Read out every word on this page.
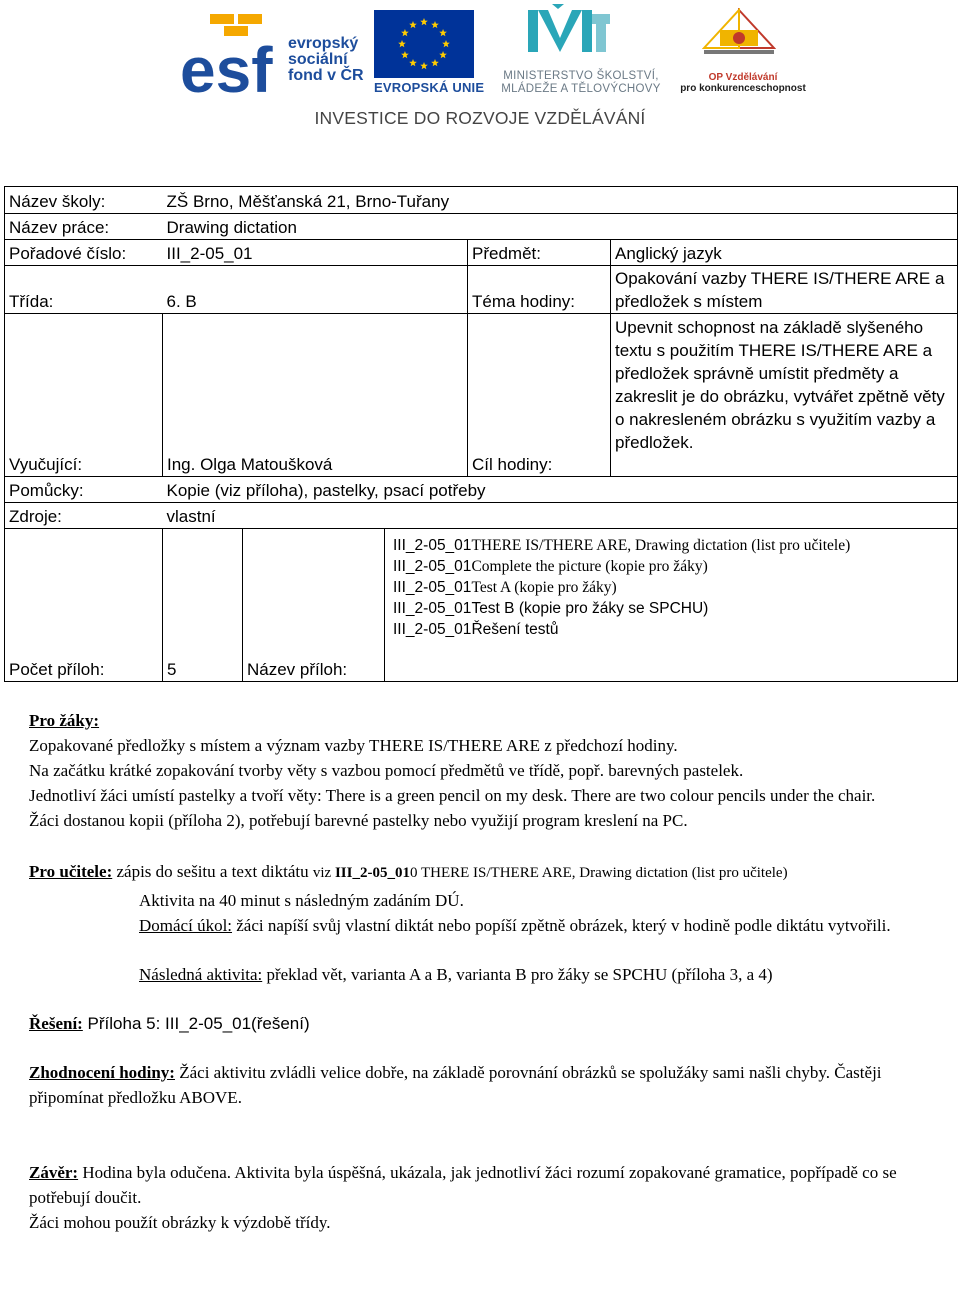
esf evropský
sociální
fond v ČR
EVROPSKÁ UNIE
MINISTERSTVO ŠKOLSTVÍ,
MLÁDEŽE A TĚLOVÝCHOVY
OP Vzdělávání
pro konkurenceschopnost
INVESTICE DO ROZVOJE VZDĚLÁVÁNÍ
Název školy:	ZŠ Brno, Měšťanská 21, Brno-Tuřany				
Název práce:	Drawing dictation				
Pořadové číslo:	III_2-05_01			Předmět:	Anglický jazyk
Třída:	6. B			Téma hodiny:	Opakování vazby THERE IS/THERE ARE a předložek s místem
Vyučující:	Ing. Olga Matoušková			Cíl hodiny:	Upevnit schopnost na základě slyšeného textu s použitím THERE IS/THERE ARE a předložek správně umístit předměty a zakreslit je do obrázku, vytvářet zpětně věty o nakresleném obrázku s využitím vazby a předložek.
Pomůcky:	Kopie (viz příloha), pastelky, psací potřeby				
Zdroje:	vlastní				
Počet příloh:	5	Název příloh:	III_2-05_01THERE IS/THERE ARE, Drawing dictation (list pro učitele)
III_2-05_01Complete the picture (kopie pro žáky)
III_2-05_01Test A (kopie pro žáky)
III_2-05_01Test B (kopie pro žáky se SPCHU)
III_2-05_01Řešení testů		

Pro žáky:

Zopakované předložky s místem a význam vazby THERE IS/THERE ARE z předchozí hodiny.

Na začátku krátké zopakování tvorby věty s vazbou pomocí předmětů ve třídě, popř. barevných pastelek.

Jednotliví žáci umístí pastelky a tvoří věty: There is a green pencil on my desk. There are two colour pencils under the chair.

Žáci dostanou kopii (příloha 2), potřebují barevné pastelky nebo využijí program kreslení na PC.

Pro učitele: zápis do sešitu a text diktátu viz III_2-05_010 THERE IS/THERE ARE, Drawing dictation (list pro učitele)

Aktivita na 40 minut s následným zadáním DÚ.

Domácí úkol: žáci napíší svůj vlastní diktát nebo popíší zpětně obrázek, který v hodině podle diktátu vytvořili.

Následná aktivita: překlad vět, varianta A a B, varianta B pro žáky se SPCHU (příloha 3, a 4)

Řešení: Příloha 5: III_2-05_01(řešení)

Zhodnocení hodiny: Žáci aktivitu zvládli velice dobře, na základě porovnání obrázků se spolužáky sami našli chyby. Častěji připomínat předložku ABOVE.

Závěr: Hodina byla odučena. Aktivita byla úspěšná, ukázala, jak jednotliví žáci rozumí zopakované gramatice, popřípadě co se potřebují doučit.

Žáci mohou použít obrázky k výzdobě třídy.
